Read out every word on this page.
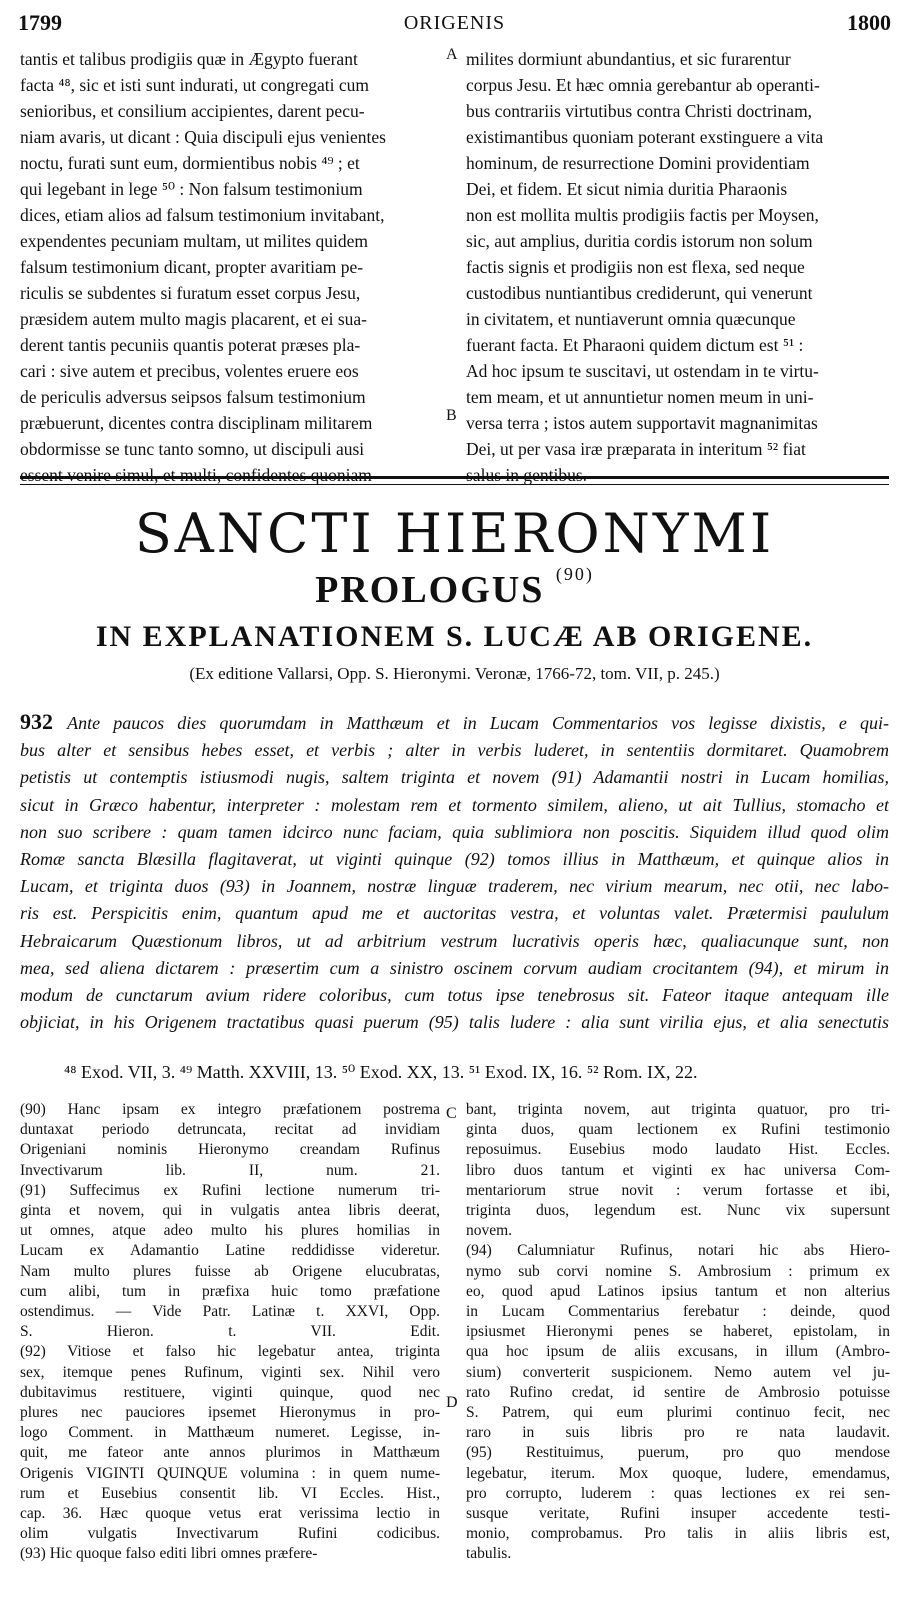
1799	ORIGENIS	1800
A
B
C
D
tantis et talibus prodigiis quæ in Ægypto fuerant
facta ⁴⁸, sic et isti sunt indurati, ut congregati cum
senioribus, et consilium accipientes, darent pecu-
niam avaris, ut dicant : Quia discipuli ejus venientes
noctu, furati sunt eum, dormientibus nobis ⁴⁹ ; et
qui legebant in lege ⁵⁰ : Non falsum testimonium
dices, etiam alios ad falsum testimonium invitabant,
expendentes pecuniam multam, ut milites quidem
falsum testimonium dicant, propter avaritiam pe-
riculis se subdentes si furatum esset corpus Jesu,
præsidem autem multo magis placarent, et ei sua-
derent tantis pecuniis quantis poterat præses pla-
cari : sive autem et precibus, volentes eruere eos
de periculis adversus seipsos falsum testimonium
præbuerunt, dicentes contra disciplinam militarem
obdormisse se tunc tanto somno, ut discipuli ausi
essent venire simul, et multi, confidentes quoniam
milites dormiunt abundantius, et sic furarentur
corpus Jesu. Et hæc omnia gerebantur ab operanti-
bus contrariis virtutibus contra Christi doctrinam,
existimantibus quoniam poterant exstinguere a vita
hominum, de resurrectione Domini providentiam
Dei, et fidem. Et sicut nimia duritia Pharaonis
non est mollita multis prodigiis factis per Moysen,
sic, aut amplius, duritia cordis istorum non solum
factis signis et prodigiis non est flexa, sed neque
custodibus nuntiantibus crediderunt, qui venerunt
in civitatem, et nuntiaverunt omnia quæcunque
fuerant facta. Et Pharaoni quidem dictum est ⁵¹ :
Ad hoc ipsum te suscitavi, ut ostendam in te virtu-
tem meam, et ut annuntietur nomen meum in uni-
versa terra ; istos autem supportavit magnanimitas
Dei, ut per vasa iræ præparata in interitum ⁵² fiat
salus in gentibus.
SANCTI HIERONYMI
PROLOGUS $^{(90)}$
IN EXPLANATIONEM S. LUCÆ AB ORIGENE.
(Ex editione Vallarsi, Opp. S. Hieronymi. Veronæ, 1766-72, tom. VII, p. 245.)
932 Ante paucos dies quorumdam in Matthæum et in Lucam Commentarios vos legisse dixistis, e qui-
bus alter et sensibus hebes esset, et verbis ; alter in verbis luderet, in sententiis dormitaret. Quamobrem
petistis ut contemptis istiusmodi nugis, saltem triginta et novem (91) Adamantii nostri in Lucam homilias,
sicut in Græco habentur, interpreter : molestam rem et tormento similem, alieno, ut ait Tullius, stomacho et
non suo scribere : quam tamen idcirco nunc faciam, quia sublimiora non poscitis. Siquidem illud quod olim
Romæ sancta Blæsilla flagitaverat, ut viginti quinque (92) tomos illius in Matthæum, et quinque alios in
Lucam, et triginta duos (93) in Joannem, nostræ linguæ traderem, nec virium mearum, nec otii, nec labo-
ris est. Perspicitis enim, quantum apud me et auctoritas vestra, et voluntas valet. Prætermisi paululum
Hebraicarum Quæstionum libros, ut ad arbitrium vestrum lucrativis operis hæc, qualiacunque sunt, non
mea, sed aliena dictarem : præsertim cum a sinistro oscinem corvum audiam crocitantem (94), et mirum in
modum de cunctarum avium ridere coloribus, cum totus ipse tenebrosus sit. Fateor itaque antequam ille
objiciat, in his Origenem tractatibus quasi puerum (95) talis ludere : alia sunt virilia ejus, et alia senectutis
⁴⁸ Exod. VII, 3. ⁴⁹ Matth. XXVIII, 13. ⁵⁰ Exod. XX, 13. ⁵¹ Exod. IX, 16. ⁵² Rom. IX, 22.
(90) Hanc ipsam ex integro præfationem postrema
duntaxat periodo detruncata, recitat ad invidiam
Origeniani nominis Hieronymo creandam Rufinus
Invectivarum lib. II, num. 21.
(91) Suffecimus ex Rufini lectione numerum tri-
ginta et novem, qui in vulgatis antea libris deerat,
ut omnes, atque adeo multo his plures homilias in
Lucam ex Adamantio Latine reddidisse videretur.
Nam multo plures fuisse ab Origene elucubratas,
cum alibi, tum in præfixa huic tomo præfatione
ostendimus. — Vide Patr. Latinæ t. XXVI, Opp.
S. Hieron. t. VII. Edit.
(92) Vitiose et falso hic legebatur antea, triginta
sex, itemque penes Rufinum, viginti sex. Nihil vero
dubitavimus restituere, viginti quinque, quod nec
plures nec pauciores ipsemet Hieronymus in pro-
logo Comment. in Matthæum numeret. Legisse, in-
quit, me fateor ante annos plurimos in Matthæum
Origenis VIGINTI QUINQUE volumina : in quem nume-
rum et Eusebius consentit lib. VI Eccles. Hist.,
cap. 36. Hæc quoque vetus erat verissima lectio in
olim vulgatis Invectivarum Rufini codicibus.
(93) Hic quoque falso editi libri omnes præfere-
bant, triginta novem, aut triginta quatuor, pro tri-
ginta duos, quam lectionem ex Rufini testimonio
reposuimus. Eusebius modo laudato Hist. Eccles.
libro duos tantum et viginti ex hac universa Com-
mentariorum strue novit : verum fortasse et ibi,
triginta duos, legendum est. Nunc vix supersunt
novem.
(94) Calumniatur Rufinus, notari hic abs Hiero-
nymo sub corvi nomine S. Ambrosium : primum ex
eo, quod apud Latinos ipsius tantum et non alterius
in Lucam Commentarius ferebatur : deinde, quod
ipsiusmet Hieronymi penes se haberet, epistolam, in
qua hoc ipsum de aliis excusans, in illum (Ambro-
sium) converterit suspicionem. Nemo autem vel ju-
rato Rufino credat, id sentire de Ambrosio potuisse
S. Patrem, qui eum plurimi continuo fecit, nec
raro in suis libris pro re nata laudavit.
(95) Restituimus, puerum, pro quo mendose
legebatur, iterum. Mox quoque, ludere, emendamus,
pro corrupto, luderem : quas lectiones ex rei sen-
susque veritate, Rufini insuper accedente testi-
monio, comprobamus. Pro talis in aliis libris est,
tabulis.
